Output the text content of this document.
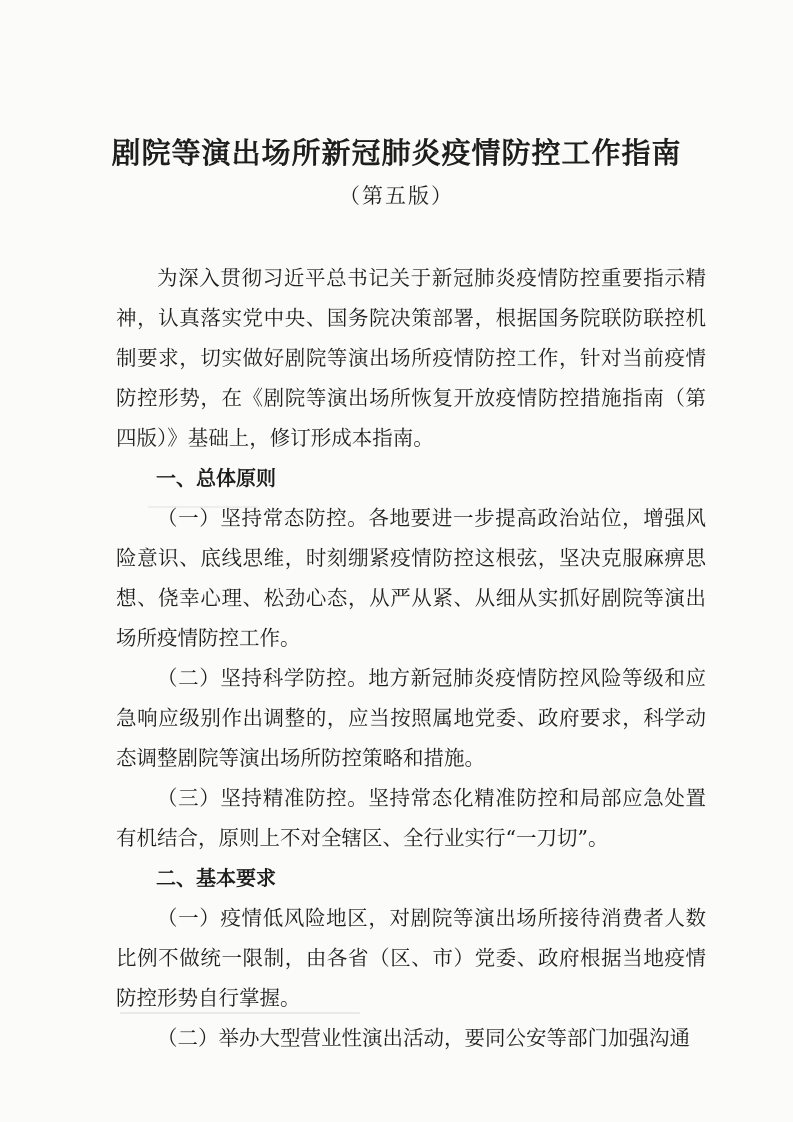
剧院等演出场所新冠肺炎疫情防控工作指南
（第五版）

为深入贯彻习近平总书记关于新冠肺炎疫情防控重要指示精神，认真落实党中央、国务院决策部署，根据国务院联防联控机制要求，切实做好剧院等演出场所疫情防控工作，针对当前疫情防控形势，在《剧院等演出场所恢复开放疫情防控措施指南（第四版）》基础上，修订形成本指南。

一、总体原则

（一）坚持常态防控。各地要进一步提高政治站位，增强风险意识、底线思维，时刻绷紧疫情防控这根弦，坚决克服麻痹思想、侥幸心理、松劲心态，从严从紧、从细从实抓好剧院等演出场所疫情防控工作。

（二）坚持科学防控。地方新冠肺炎疫情防控风险等级和应急响应级别作出调整的，应当按照属地党委、政府要求，科学动态调整剧院等演出场所防控策略和措施。

（三）坚持精准防控。坚持常态化精准防控和局部应急处置有机结合，原则上不对全辖区、全行业实行“一刀切”。

二、基本要求

（一）疫情低风险地区，对剧院等演出场所接待消费者人数比例不做统一限制，由各省（区、市）党委、政府根据当地疫情防控形势自行掌握。

（二）举办大型营业性演出活动，要同公安等部门加强沟通
